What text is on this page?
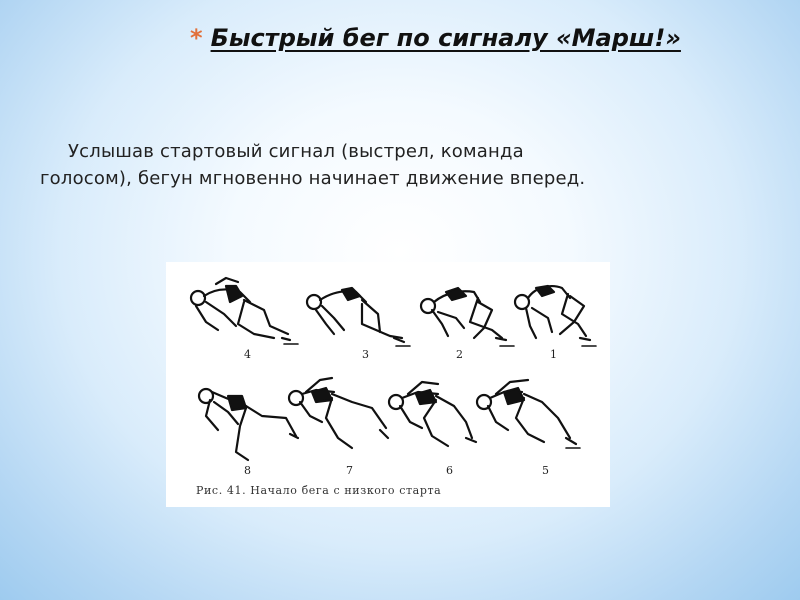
* Быстрый бег по сигналу «Марш!»
Услышав стартовый сигнал (выстрел, команда голосом), бегун мгновенно начинает движение вперед.
4	3	2	1
8	7	6	5
Рис. 41. Начало бега с низкого старта
